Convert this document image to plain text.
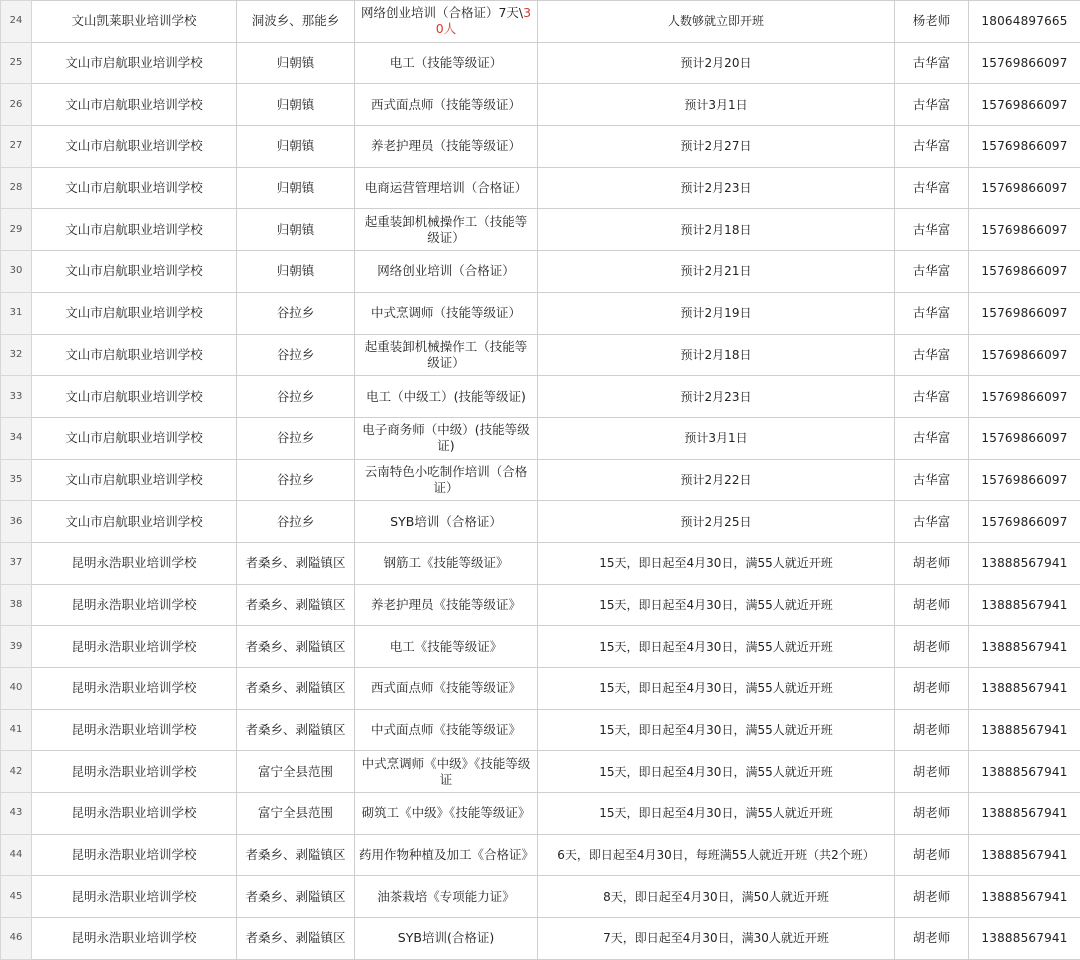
24	文山凯莱职业培训学校	洞波乡、那能乡	网络创业培训（合格证）7天\30人	人数够就立即开班	杨老师	18064897665
25	文山市启航职业培训学校	归朝镇	电工（技能等级证）	预计2月20日	古华富	15769866097
26	文山市启航职业培训学校	归朝镇	西式面点师（技能等级证）	预计3月1日	古华富	15769866097
27	文山市启航职业培训学校	归朝镇	养老护理员（技能等级证）	预计2月27日	古华富	15769866097
28	文山市启航职业培训学校	归朝镇	电商运营管理培训（合格证）	预计2月23日	古华富	15769866097
29	文山市启航职业培训学校	归朝镇	起重装卸机械操作工（技能等级证）	预计2月18日	古华富	15769866097
30	文山市启航职业培训学校	归朝镇	网络创业培训（合格证）	预计2月21日	古华富	15769866097
31	文山市启航职业培训学校	谷拉乡	中式烹调师（技能等级证）	预计2月19日	古华富	15769866097
32	文山市启航职业培训学校	谷拉乡	起重装卸机械操作工（技能等级证）	预计2月18日	古华富	15769866097
33	文山市启航职业培训学校	谷拉乡	电工（中级工）(技能等级证)	预计2月23日	古华富	15769866097
34	文山市启航职业培训学校	谷拉乡	电子商务师（中级）(技能等级证)	预计3月1日	古华富	15769866097
35	文山市启航职业培训学校	谷拉乡	云南特色小吃制作培训（合格证）	预计2月22日	古华富	15769866097
36	文山市启航职业培训学校	谷拉乡	SYB培训（合格证）	预计2月25日	古华富	15769866097
37	昆明永浩职业培训学校	者桑乡、剥隘镇区	钢筋工《技能等级证》	15天，即日起至4月30日，满55人就近开班	胡老师	13888567941
38	昆明永浩职业培训学校	者桑乡、剥隘镇区	养老护理员《技能等级证》	15天，即日起至4月30日，满55人就近开班	胡老师	13888567941
39	昆明永浩职业培训学校	者桑乡、剥隘镇区	电工《技能等级证》	15天，即日起至4月30日，满55人就近开班	胡老师	13888567941
40	昆明永浩职业培训学校	者桑乡、剥隘镇区	西式面点师《技能等级证》	15天，即日起至4月30日，满55人就近开班	胡老师	13888567941
41	昆明永浩职业培训学校	者桑乡、剥隘镇区	中式面点师《技能等级证》	15天，即日起至4月30日，满55人就近开班	胡老师	13888567941
42	昆明永浩职业培训学校	富宁全县范围	中式烹调师《中级》《技能等级证	15天，即日起至4月30日，满55人就近开班	胡老师	13888567941
43	昆明永浩职业培训学校	富宁全县范围	砌筑工《中级》《技能等级证》	15天，即日起至4月30日，满55人就近开班	胡老师	13888567941
44	昆明永浩职业培训学校	者桑乡、剥隘镇区	药用作物种植及加工《合格证》	6天，即日起至4月30日，每班满55人就近开班（共2个班）	胡老师	13888567941
45	昆明永浩职业培训学校	者桑乡、剥隘镇区	油茶栽培《专项能力证》	8天，即日起至4月30日，满50人就近开班	胡老师	13888567941
46	昆明永浩职业培训学校	者桑乡、剥隘镇区	SYB培训(合格证)	7天，即日起至4月30日，满30人就近开班	胡老师	13888567941
